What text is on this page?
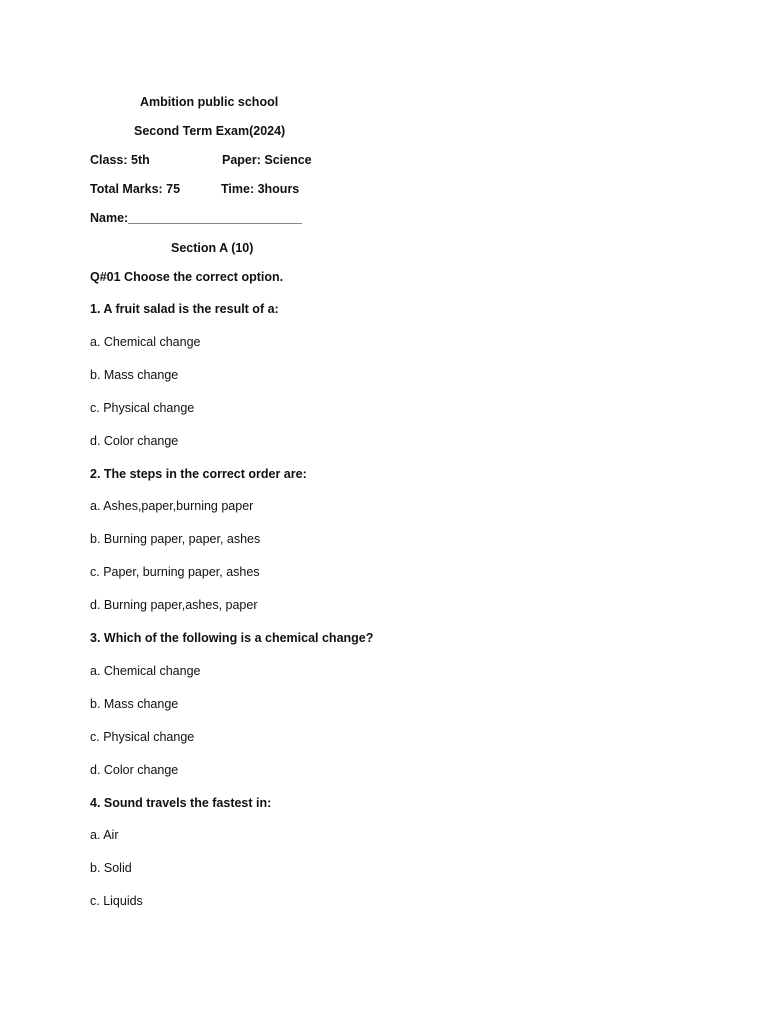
Ambition public school
Second Term Exam(2024)
Class: 5th	Paper: Science
Total Marks: 75	Time: 3hours
Name:_________________________
Section A (10)
Q#01 Choose the correct option.
1. A fruit salad is the result of a:
a. Chemical change
b. Mass change
c. Physical change
d. Color change
2. The steps in the correct order are:
a. Ashes,paper,burning paper
b. Burning paper, paper, ashes
c. Paper, burning paper, ashes
d. Burning paper,ashes, paper
3. Which of the following is a chemical change?
a. Chemical change
b. Mass change
c. Physical change
d. Color change
4. Sound travels the fastest in:
a. Air
b. Solid
c. Liquids
